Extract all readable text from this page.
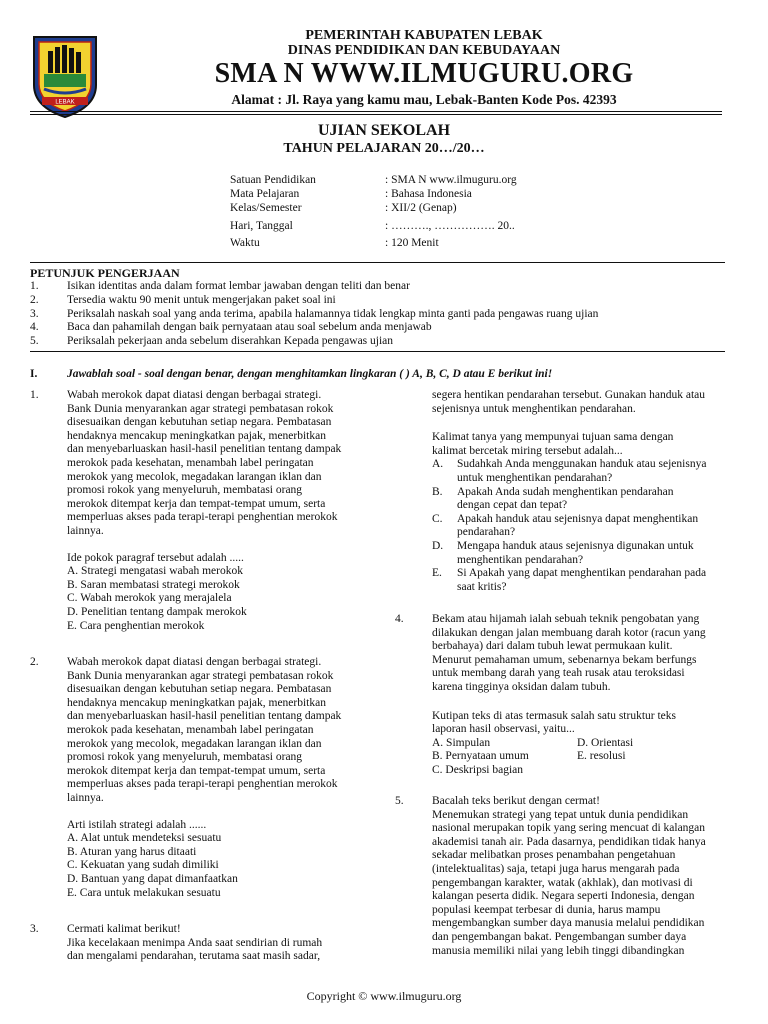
LEBAK
PEMERINTAH KABUPATEN LEBAK
DINAS PENDIDIKAN DAN KEBUDAYAAN
SMA N WWW.ILMUGURU.ORG
Alamat : Jl. Raya yang kamu mau, Lebak-Banten Kode Pos. 42393
UJIAN SEKOLAH
TAHUN PELAJARAN 20…/20…
Satuan Pendidikan	: SMA N www.ilmuguru.org
Mata Pelajaran	: Bahasa Indonesia
Kelas/Semester	: XII/2 (Genap)
Hari, Tanggal	: ………., ……………. 20..
Waktu	: 120 Menit
PETUNJUK PENGERJAAN
1. Isikan identitas anda dalam format lembar jawaban dengan teliti dan benar
2. Tersedia waktu 90 menit untuk mengerjakan paket soal ini
3. Periksalah naskah soal yang anda terima, apabila halamannya tidak lengkap minta ganti pada pengawas ruang ujian
4. Baca dan pahamilah dengan baik pernyataan atau soal sebelum anda menjawab
5. Periksalah pekerjaan anda sebelum diserahkan Kepada pengawas ujian
I.	Jawablah soal - soal dengan benar, dengan menghitamkan lingkaran ( ) A, B, C, D atau E berikut ini!
1. Wabah merokok dapat diatasi dengan berbagai strategi.

Bank Dunia menyarankan agar strategi pembatasan rokok

disesuaikan dengan kebutuhan setiap negara. Pembatasan

hendaknya mencakup meningkatkan pajak, menerbitkan

dan menyebarluaskan hasil-hasil penelitian tentang dampak

merokok pada kesehatan, menambah label peringatan

merokok yang mecolok, megadakan larangan iklan dan

promosi rokok yang menyeluruh, membatasi orang

merokok ditempat kerja dan tempat-tempat umum, serta

memperluas akses pada terapi-terapi penghentian merokok

lainnya.

Ide pokok paragraf tersebut adalah .....

A. Strategi mengatasi wabah merokok

B. Saran membatasi strategi merokok

C. Wabah merokok yang merajalela

D. Penelitian tentang dampak merokok

E. Cara penghentian merokok

2. Wabah merokok dapat diatasi dengan berbagai strategi.

Bank Dunia menyarankan agar strategi pembatasan rokok

disesuaikan dengan kebutuhan setiap negara. Pembatasan

hendaknya mencakup meningkatkan pajak, menerbitkan

dan menyebarluaskan hasil-hasil penelitian tentang dampak

merokok pada kesehatan, menambah label peringatan

merokok yang mecolok, megadakan larangan iklan dan

promosi rokok yang menyeluruh, membatasi orang

merokok ditempat kerja dan tempat-tempat umum, serta

memperluas akses pada terapi-terapi penghentian merokok

lainnya.

Arti istilah strategi adalah ......

A. Alat untuk mendeteksi sesuatu

B. Aturan yang harus ditaati

C. Kekuatan yang sudah dimiliki

D. Bantuan yang dapat dimanfaatkan

E. Cara untuk melakukan sesuatu

3. Cermati kalimat berikut!

Jika kecelakaan menimpa Anda saat sendirian di rumah

dan mengalami pendarahan, terutama saat masih sadar,

segera hentikan pendarahan tersebut. Gunakan handuk atau

sejenisnya untuk menghentikan pendarahan.

Kalimat tanya yang mempunyai tujuan sama dengan

kalimat bercetak miring tersebut adalah...

A.	Sudahkah Anda menggunakan handuk atau sejenisnya
untuk menghentikan pendarahan?
B.	Apakah Anda sudah menghentikan pendarahan
dengan cepat dan tepat?
C.	Apakah handuk atau sejenisnya dapat menghentikan
pendarahan?
D.	Mengapa handuk ataus sejenisnya digunakan untuk
menghentikan pendarahan?
E.	Si Apakah yang dapat menghentikan pendarahan pada
saat kritis?
4. Bekam atau hijamah ialah sebuah teknik pengobatan yang

dilakukan dengan jalan membuang darah kotor (racun yang

berbahaya) dari dalam tubuh lewat permukaan kulit.

Menurut pemahaman umum, sebenarnya bekam berfungs

untuk membang darah yang teah rusak atau teroksidasi

karena tingginya oksidan dalam tubuh.

Kutipan teks di atas termasuk salah satu struktur teks

laporan hasil observasi, yaitu...

A. Simpulan	D. Orientasi
B. Pernyataan umum	E. resolusi
C. Deskripsi bagian
5. Bacalah teks berikut dengan cermat!

Menemukan strategi yang tepat untuk dunia pendidikan

nasional merupakan topik yang sering mencuat di kalangan

akademisi tanah air. Pada dasarnya, pendidikan tidak hanya

sekadar melibatkan proses penambahan pengetahuan

(intelektualitas) saja, tetapi juga harus mengarah pada

pengembangan karakter, watak (akhlak), dan motivasi di

kalangan peserta didik. Negara seperti Indonesia, dengan

populasi keempat terbesar di dunia, harus mampu

mengembangkan sumber daya manusia melalui pendidikan

dan pengembangan bakat. Pengembangan sumber daya

manusia memiliki nilai yang lebih tinggi dibandingkan

Copyright © www.ilmuguru.org
